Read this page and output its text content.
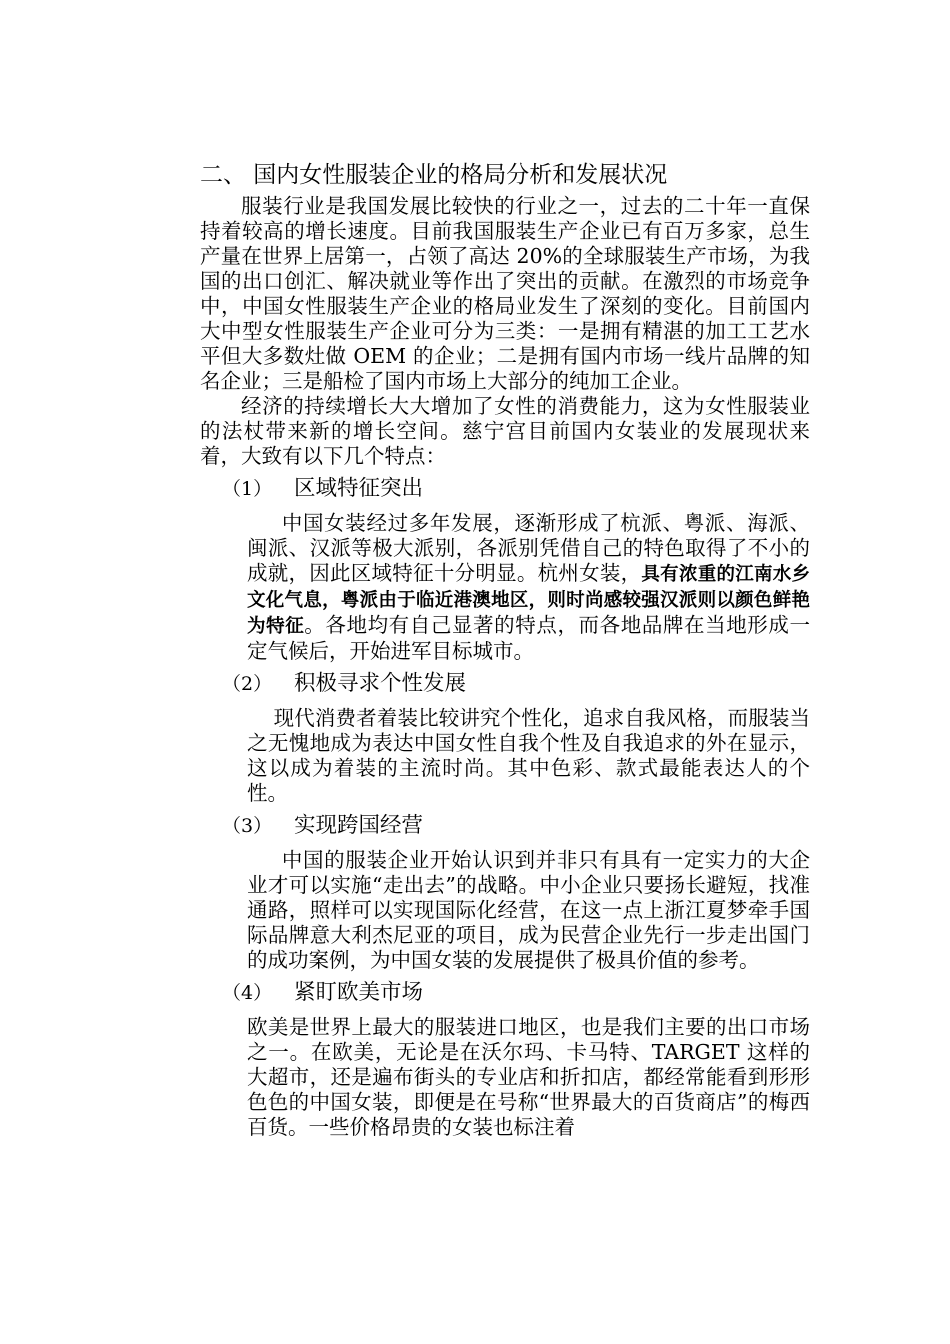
二、 国内女性服装企业的格局分析和发展状况

服装行业是我国发展比较快的行业之一，过去的二十年一直保持着较高的增长速度。目前我国服装生产企业已有百万多家，总生产量在世界上居第一，占领了高达 20%的全球服装生产市场，为我国的出口创汇、解决就业等作出了突出的贡献。在激烈的市场竞争中，中国女性服装生产企业的格局业发生了深刻的变化。目前国内大中型女性服装生产企业可分为三类：一是拥有精湛的加工工艺水平但大多数灶做 OEM 的企业；二是拥有国内市场一线片品牌的知名企业；三是船检了国内市场上大部分的纯加工企业。

经济的持续增长大大增加了女性的消费能力，这为女性服装业的法杖带来新的增长空间。慈宁宫目前国内女装业的发展现状来着，大致有以下几个特点：

（1） 区域特征突出

中国女装经过多年发展，逐渐形成了杭派、粤派、海派、闽派、汉派等极大派别，各派别凭借自己的特色取得了不小的成就，因此区域特征十分明显。杭州女装，具有浓重的江南水乡文化气息，粤派由于临近港澳地区，则时尚感较强汉派则以颜色鲜艳为特征。各地均有自己显著的特点，而各地品牌在当地形成一定气候后，开始进军目标城市。

（2） 积极寻求个性发展

现代消费者着装比较讲究个性化，追求自我风格，而服装当之无愧地成为表达中国女性自我个性及自我追求的外在显示，这以成为着装的主流时尚。其中色彩、款式最能表达人的个性。

（3） 实现跨国经营

中国的服装企业开始认识到并非只有具有一定实力的大企业才可以实施“走出去”的战略。中小企业只要扬长避短，找准通路，照样可以实现国际化经营，在这一点上浙江夏梦牵手国际品牌意大利杰尼亚的项目，成为民营企业先行一步走出国门的成功案例，为中国女装的发展提供了极具价值的参考。

（4） 紧盯欧美市场

欧美是世界上最大的服装进口地区，也是我们主要的出口市场之一。在欧美，无论是在沃尔玛、卡马特、TARGET 这样的大超市，还是遍布街头的专业店和折扣店，都经常能看到形形色色的中国女装，即便是在号称“世界最大的百货商店”的梅西百货。一些价格昂贵的女装也标注着
